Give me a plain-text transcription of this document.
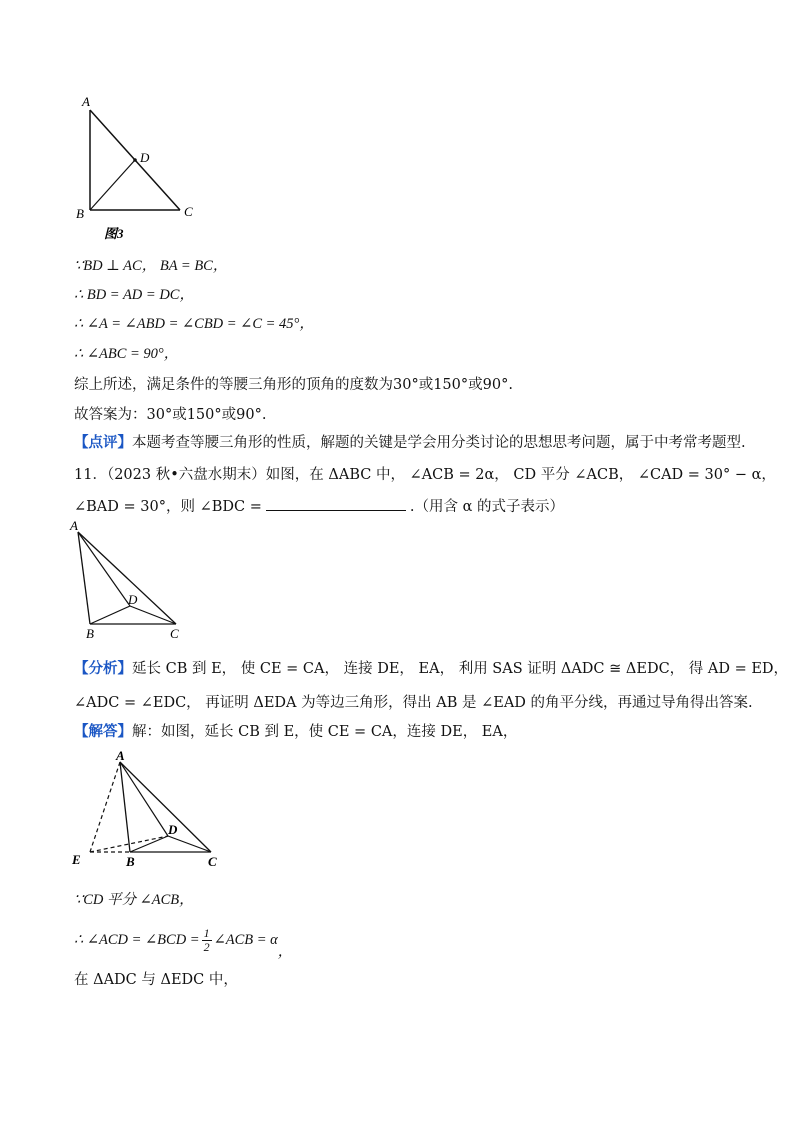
A
D
B	C
图3
∵BD ⊥ AC， BA = BC，
∴ BD = AD = DC，
∴ ∠A = ∠ABD = ∠CBD = ∠C = 45°，
∴ ∠ABC = 90°，
综上所述，满足条件的等腰三角形的顶角的度数为30°或150°或90°.
故答案为：30°或150°或90°.
【点评】本题考查等腰三角形的性质，解题的关键是学会用分类讨论的思想思考问题，属于中考常考题型.
11．（2023 秋•六盘水期末）如图，在 ΔABC 中， ∠ACB = 2α， CD 平分 ∠ACB， ∠CAD = 30° − α，
∠BAD = 30°，则 ∠BDC =	.（用含 α 的式子表示）
A
D
B	C
【分析】延长 CB 到 E， 使 CE = CA， 连接 DE， EA， 利用 SAS 证明 ΔADC ≅ ΔEDC， 得 AD = ED，
∠ADC = ∠EDC， 再证明 ΔEDA 为等边三角形，得出 AB 是 ∠EAD 的角平分线，再通过导角得出答案.
【解答】解：如图，延长 CB 到 E，使 CE = CA，连接 DE， EA，
A
D
E	B	C
∵CD 平分 ∠ACB，
∴ ∠ACD = ∠BCD = $\frac{1}{2}$ ∠ACB = α，
在 ΔADC 与 ΔEDC 中，
